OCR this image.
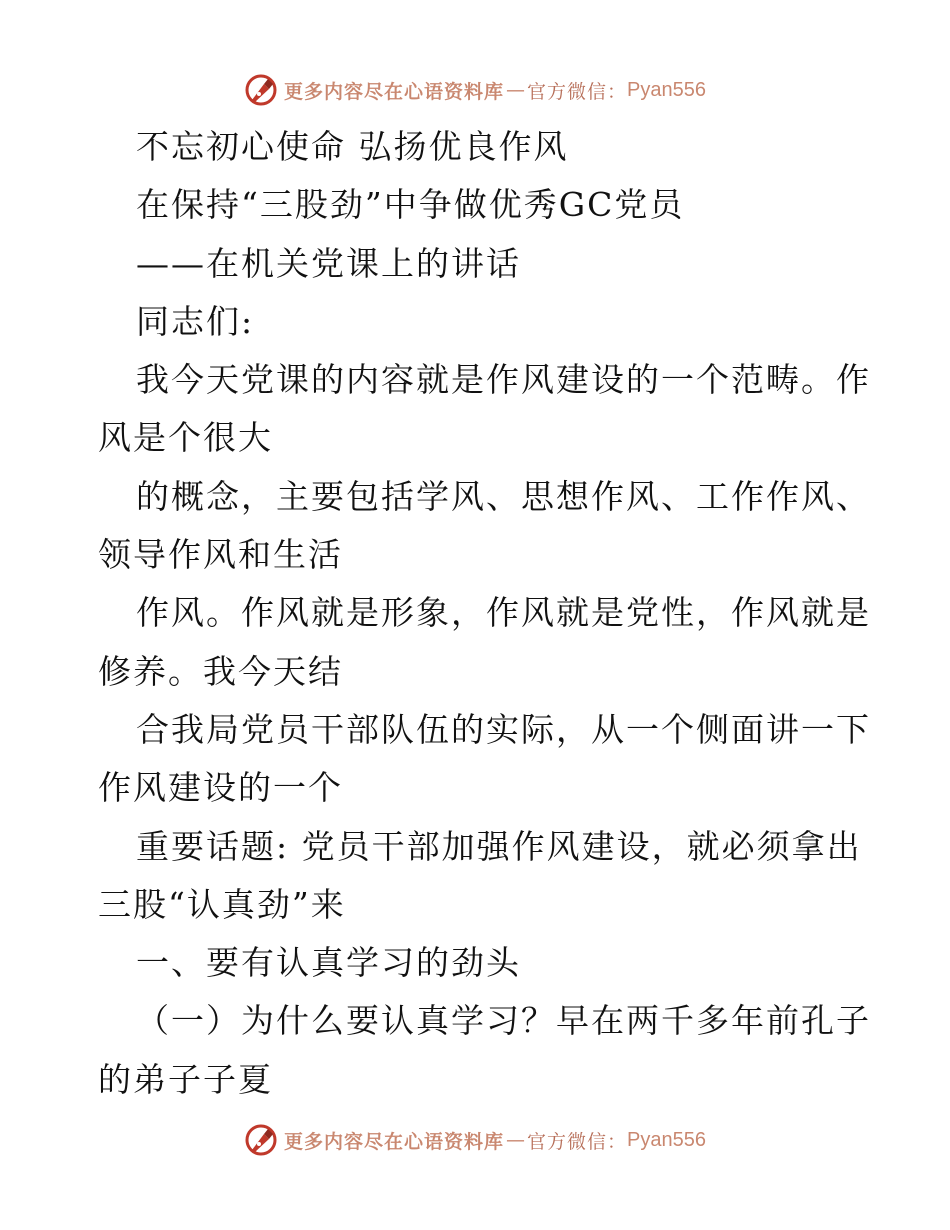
更多内容尽在心语资料库 — 官方微信： Pyan556
不忘初心使命 弘扬优良作风
在保持“三股劲”中争做优秀GC党员
——在机关党课上的讲话
同志们:
我今天党课的内容就是作风建设的一个范畴。作
风是个很大
的概念，主要包括学风、思想作风、工作作风、
领导作风和生活
作风。作风就是形象，作风就是党性，作风就是
修养。我今天结
合我局党员干部队伍的实际，从一个侧面讲一下
作风建设的一个
重要话题: 党员干部加强作风建设，就必须拿出
三股“认真劲”来
一、要有认真学习的劲头
（一）为什么要认真学习？早在两千多年前孔子
的弟子子夏
更多内容尽在心语资料库 — 官方微信： Pyan556
